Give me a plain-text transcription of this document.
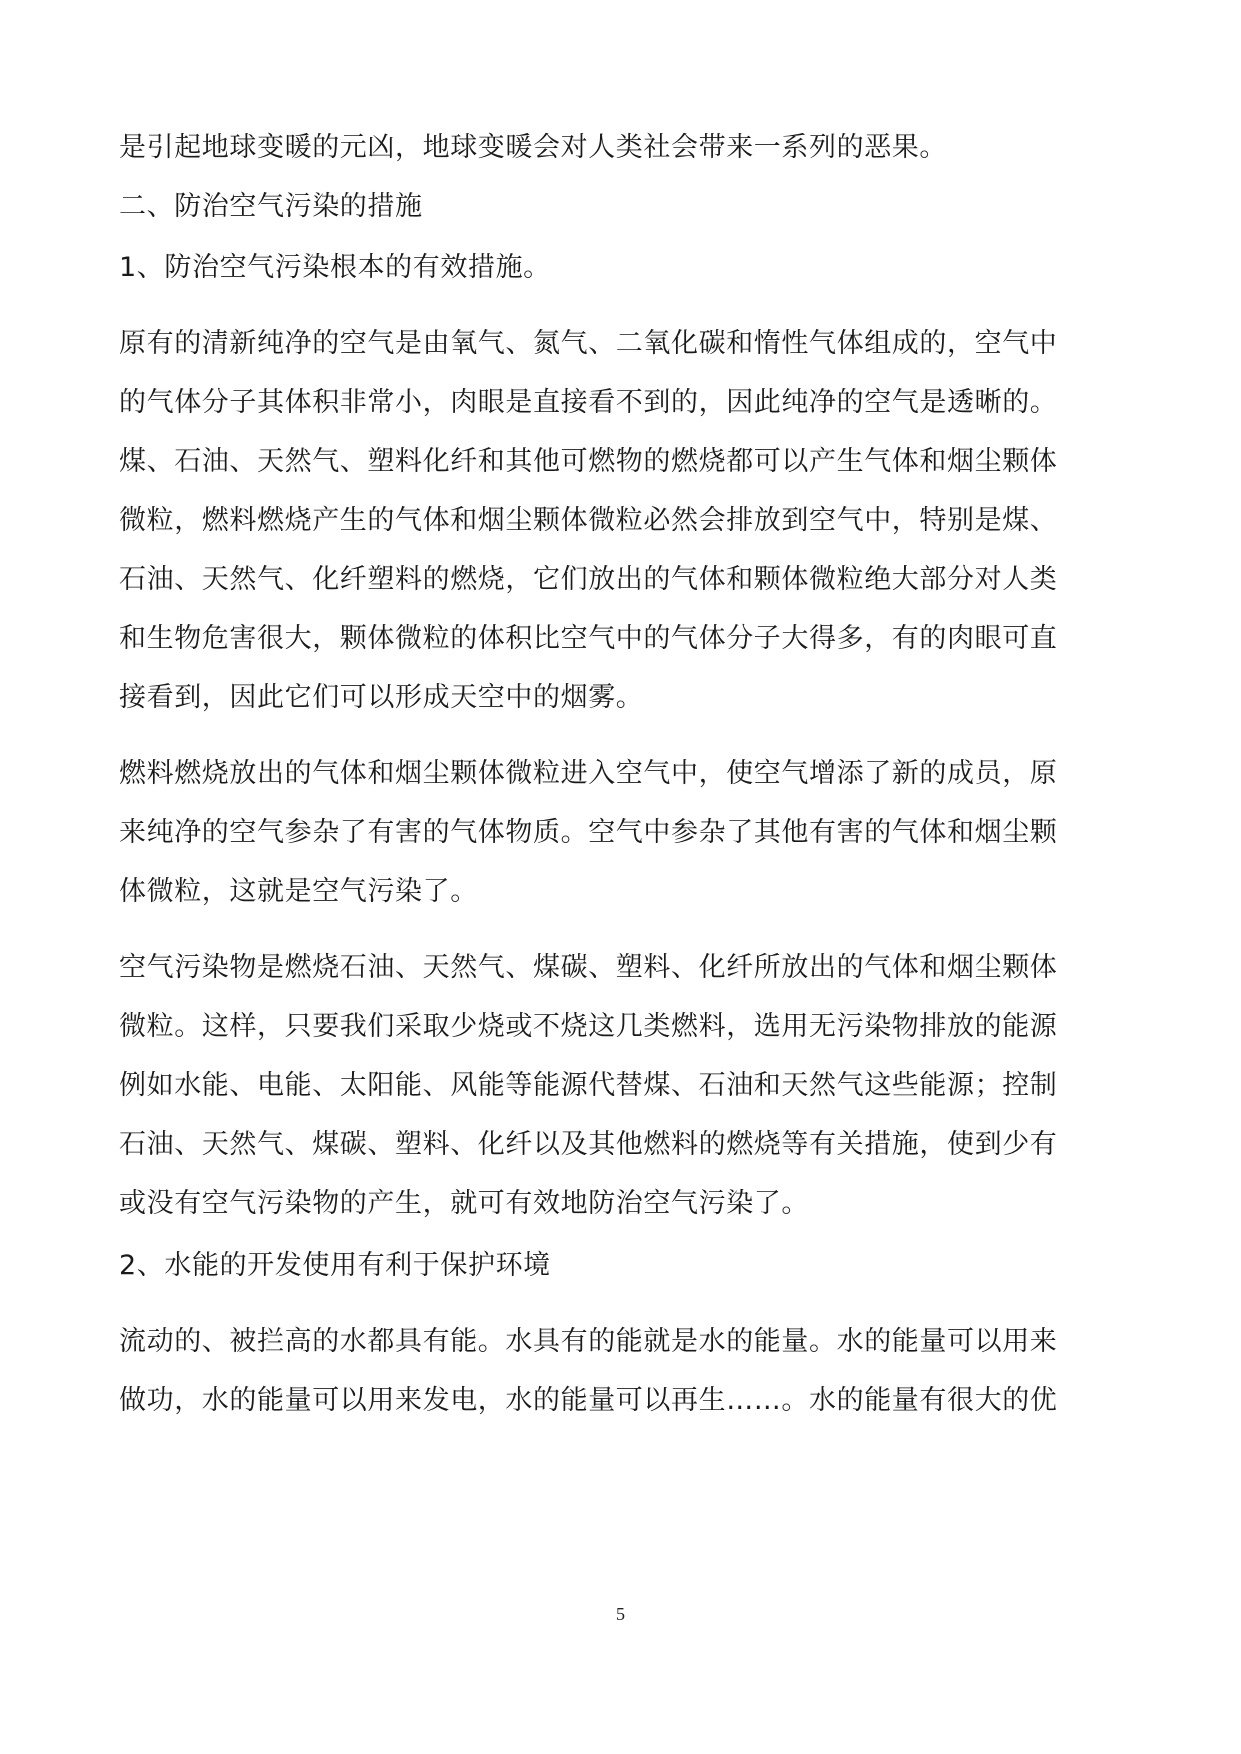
是引起地球变暖的元凶，地球变暖会对人类社会带来一系列的恶果。
二、防治空气污染的措施
1、防治空气污染根本的有效措施。
原有的清新纯净的空气是由氧气、氮气、二氧化碳和惰性气体组成的，空气中
的气体分子其体积非常小，肉眼是直接看不到的，因此纯净的空气是透晰的。
煤、石油、天然气、塑料化纤和其他可燃物的燃烧都可以产生气体和烟尘颗体
微粒，燃料燃烧产生的气体和烟尘颗体微粒必然会排放到空气中，特别是煤、
石油、天然气、化纤塑料的燃烧，它们放出的气体和颗体微粒绝大部分对人类
和生物危害很大，颗体微粒的体积比空气中的气体分子大得多，有的肉眼可直
接看到，因此它们可以形成天空中的烟雾。
燃料燃烧放出的气体和烟尘颗体微粒进入空气中，使空气增添了新的成员，原
来纯净的空气参杂了有害的气体物质。空气中参杂了其他有害的气体和烟尘颗
体微粒，这就是空气污染了。
空气污染物是燃烧石油、天然气、煤碳、塑料、化纤所放出的气体和烟尘颗体
微粒。这样，只要我们采取少烧或不烧这几类燃料，选用无污染物排放的能源
例如水能、电能、太阳能、风能等能源代替煤、石油和天然气这些能源；控制
石油、天然气、煤碳、塑料、化纤以及其他燃料的燃烧等有关措施，使到少有
或没有空气污染物的产生，就可有效地防治空气污染了。
2、水能的开发使用有利于保护环境
流动的、被拦高的水都具有能。水具有的能就是水的能量。水的能量可以用来
做功，水的能量可以用来发电，水的能量可以再生……。水的能量有很大的优
5
